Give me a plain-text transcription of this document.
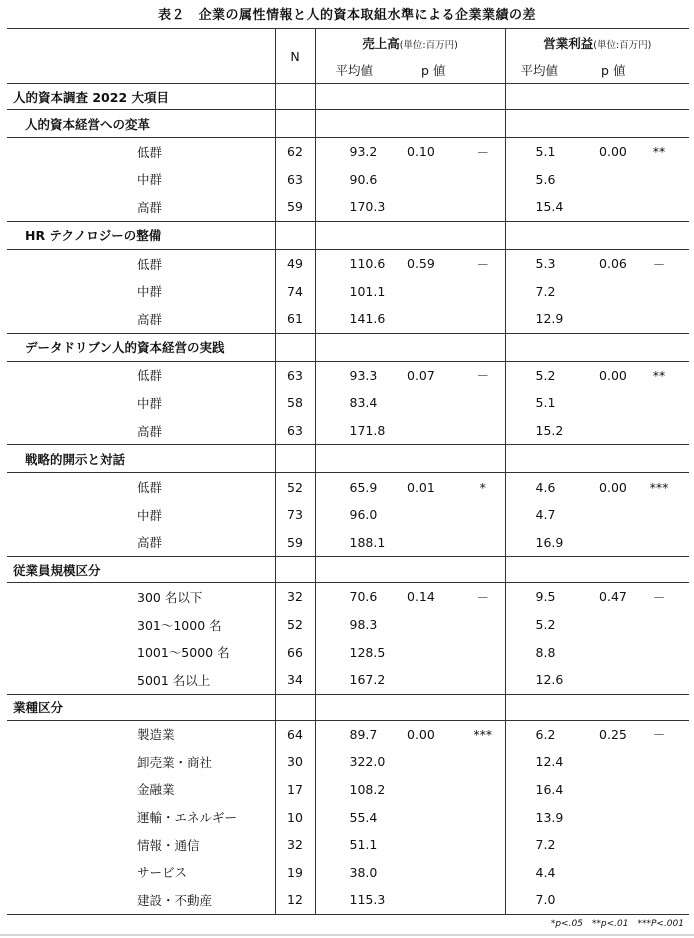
表２　企業の属性情報と人的資本取組水準による企業業績の差
	N	売上高(単位:百万円)			営業利益(単位:百万円)		
		平均値	p 値		平均値	p 値	
人的資本調査 2022 大項目							
人的資本経営への変革							
低群	62	93.2	0.10	－	5.1	0.00	**
中群	63	90.6			5.6		
高群	59	170.3			15.4		
HR テクノロジーの整備							
低群	49	110.6	0.59	－	5.3	0.06	－
中群	74	101.1			7.2		
高群	61	141.6			12.9		
データドリブン人的資本経営の実践							
低群	63	93.3	0.07	－	5.2	0.00	**
中群	58	83.4			5.1		
高群	63	171.8			15.2		
戦略的開示と対話							
低群	52	65.9	0.01	*	4.6	0.00	***
中群	73	96.0			4.7		
高群	59	188.1			16.9		
従業員規模区分							
300 名以下	32	70.6	0.14	－	9.5	0.47	－
301～1000 名	52	98.3			5.2		
1001～5000 名	66	128.5			8.8		
5001 名以上	34	167.2			12.6		
業種区分							
製造業	64	89.7	0.00	***	6.2	0.25	－
卸売業・商社	30	322.0			12.4		
金融業	17	108.2			16.4		
運輸・エネルギー	10	55.4			13.9		
情報・通信	32	51.1			7.2		
サービス	19	38.0			4.4		
建設・不動産	12	115.3			7.0		
*p<.05　**p<.01　***P<.001
